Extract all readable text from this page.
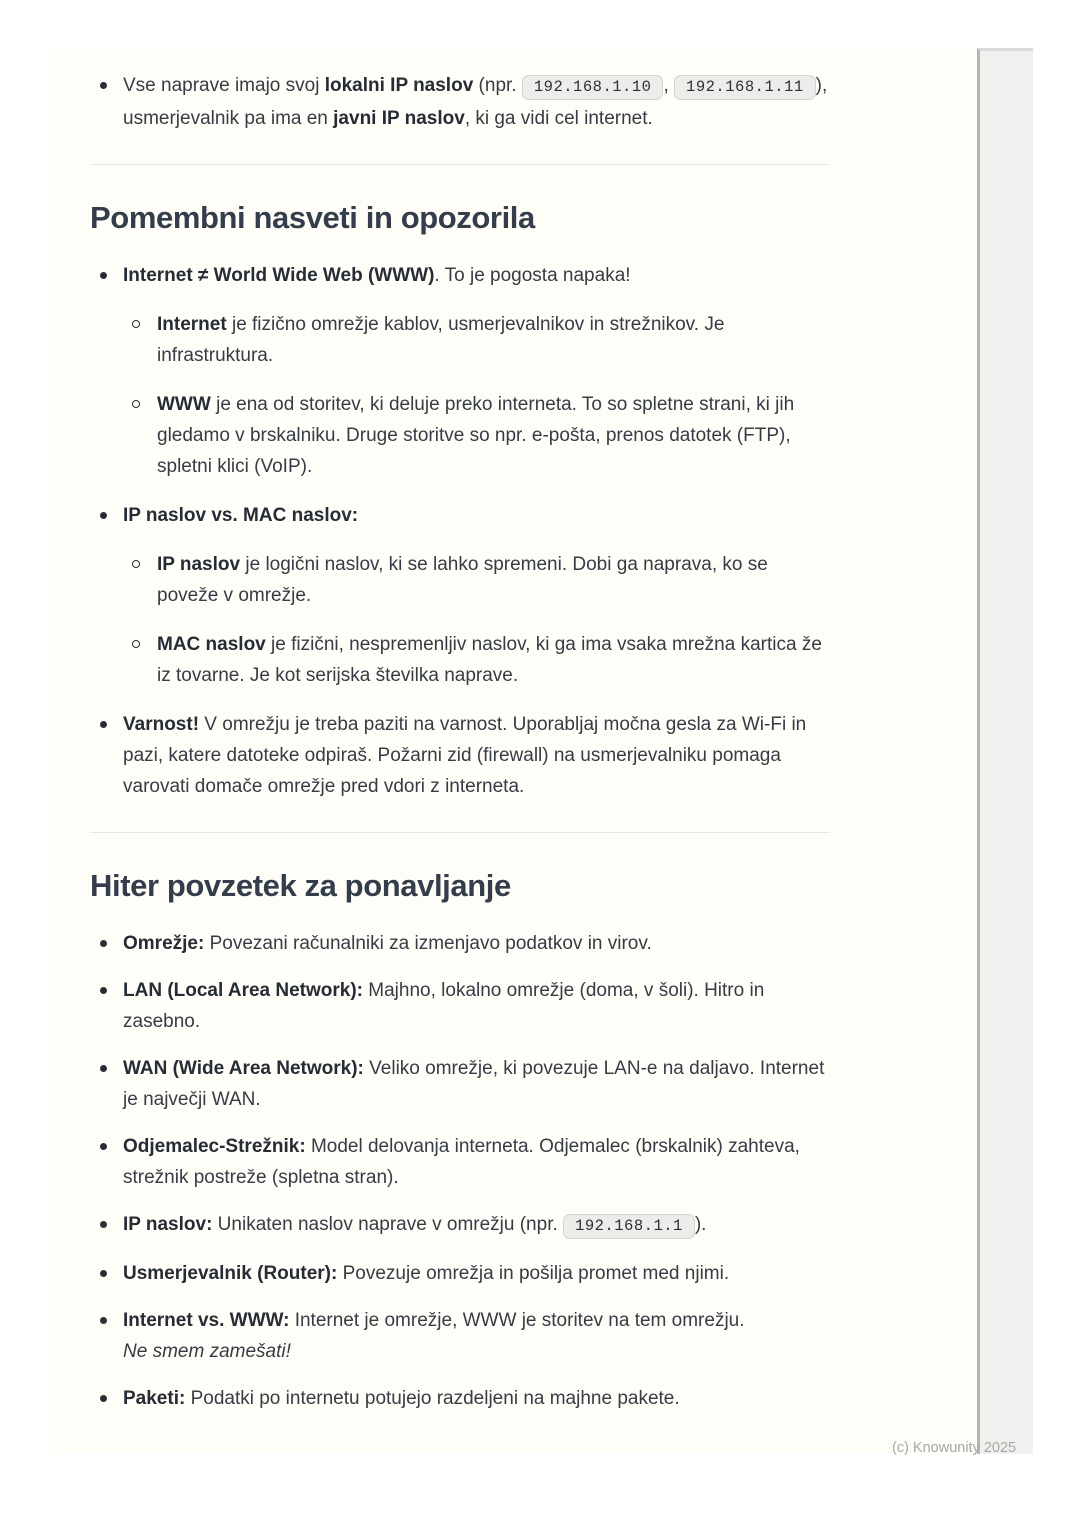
Vse naprave imajo svoj lokalni IP naslov (npr. 192.168.1.10 , 192.168.1.11 ), usmerjevalnik pa ima en javni IP naslov, ki ga vidi cel internet.
Pomembni nasveti in opozorila
Internet ≠ World Wide Web (WWW). To je pogosta napaka!
Internet je fizično omrežje kablov, usmerjevalnikov in strežnikov. Je infrastruktura.
WWW je ena od storitev, ki deluje preko interneta. To so spletne strani, ki jih gledamo v brskalniku. Druge storitve so npr. e-pošta, prenos datotek (FTP), spletni klici (VoIP).
IP naslov vs. MAC naslov:
IP naslov je logični naslov, ki se lahko spremeni. Dobi ga naprava, ko se poveže v omrežje.
MAC naslov je fizični, nespremenljiv naslov, ki ga ima vsaka mrežna kartica že iz tovarne. Je kot serijska številka naprave.
Varnost! V omrežju je treba paziti na varnost. Uporabljaj močna gesla za Wi-Fi in pazi, katere datoteke odpiraš. Požarni zid (firewall) na usmerjevalniku pomaga varovati domače omrežje pred vdori z interneta.
Hiter povzetek za ponavljanje
Omrežje: Povezani računalniki za izmenjavo podatkov in virov.
LAN (Local Area Network): Majhno, lokalno omrežje (doma, v šoli). Hitro in zasebno.
WAN (Wide Area Network): Veliko omrežje, ki povezuje LAN-e na daljavo. Internet je največji WAN.
Odjemalec-Strežnik: Model delovanja interneta. Odjemalec (brskalnik) zahteva, strežnik postreže (spletna stran).
IP naslov: Unikaten naslov naprave v omrežju (npr. 192.168.1.1 ).
Usmerjevalnik (Router): Povezuje omrežja in pošilja promet med njimi.
Internet vs. WWW: Internet je omrežje, WWW je storitev na tem omrežju.
Ne smem zamešati!
Paketi: Podatki po internetu potujejo razdeljeni na majhne pakete.
(c) Knowunity 2025
